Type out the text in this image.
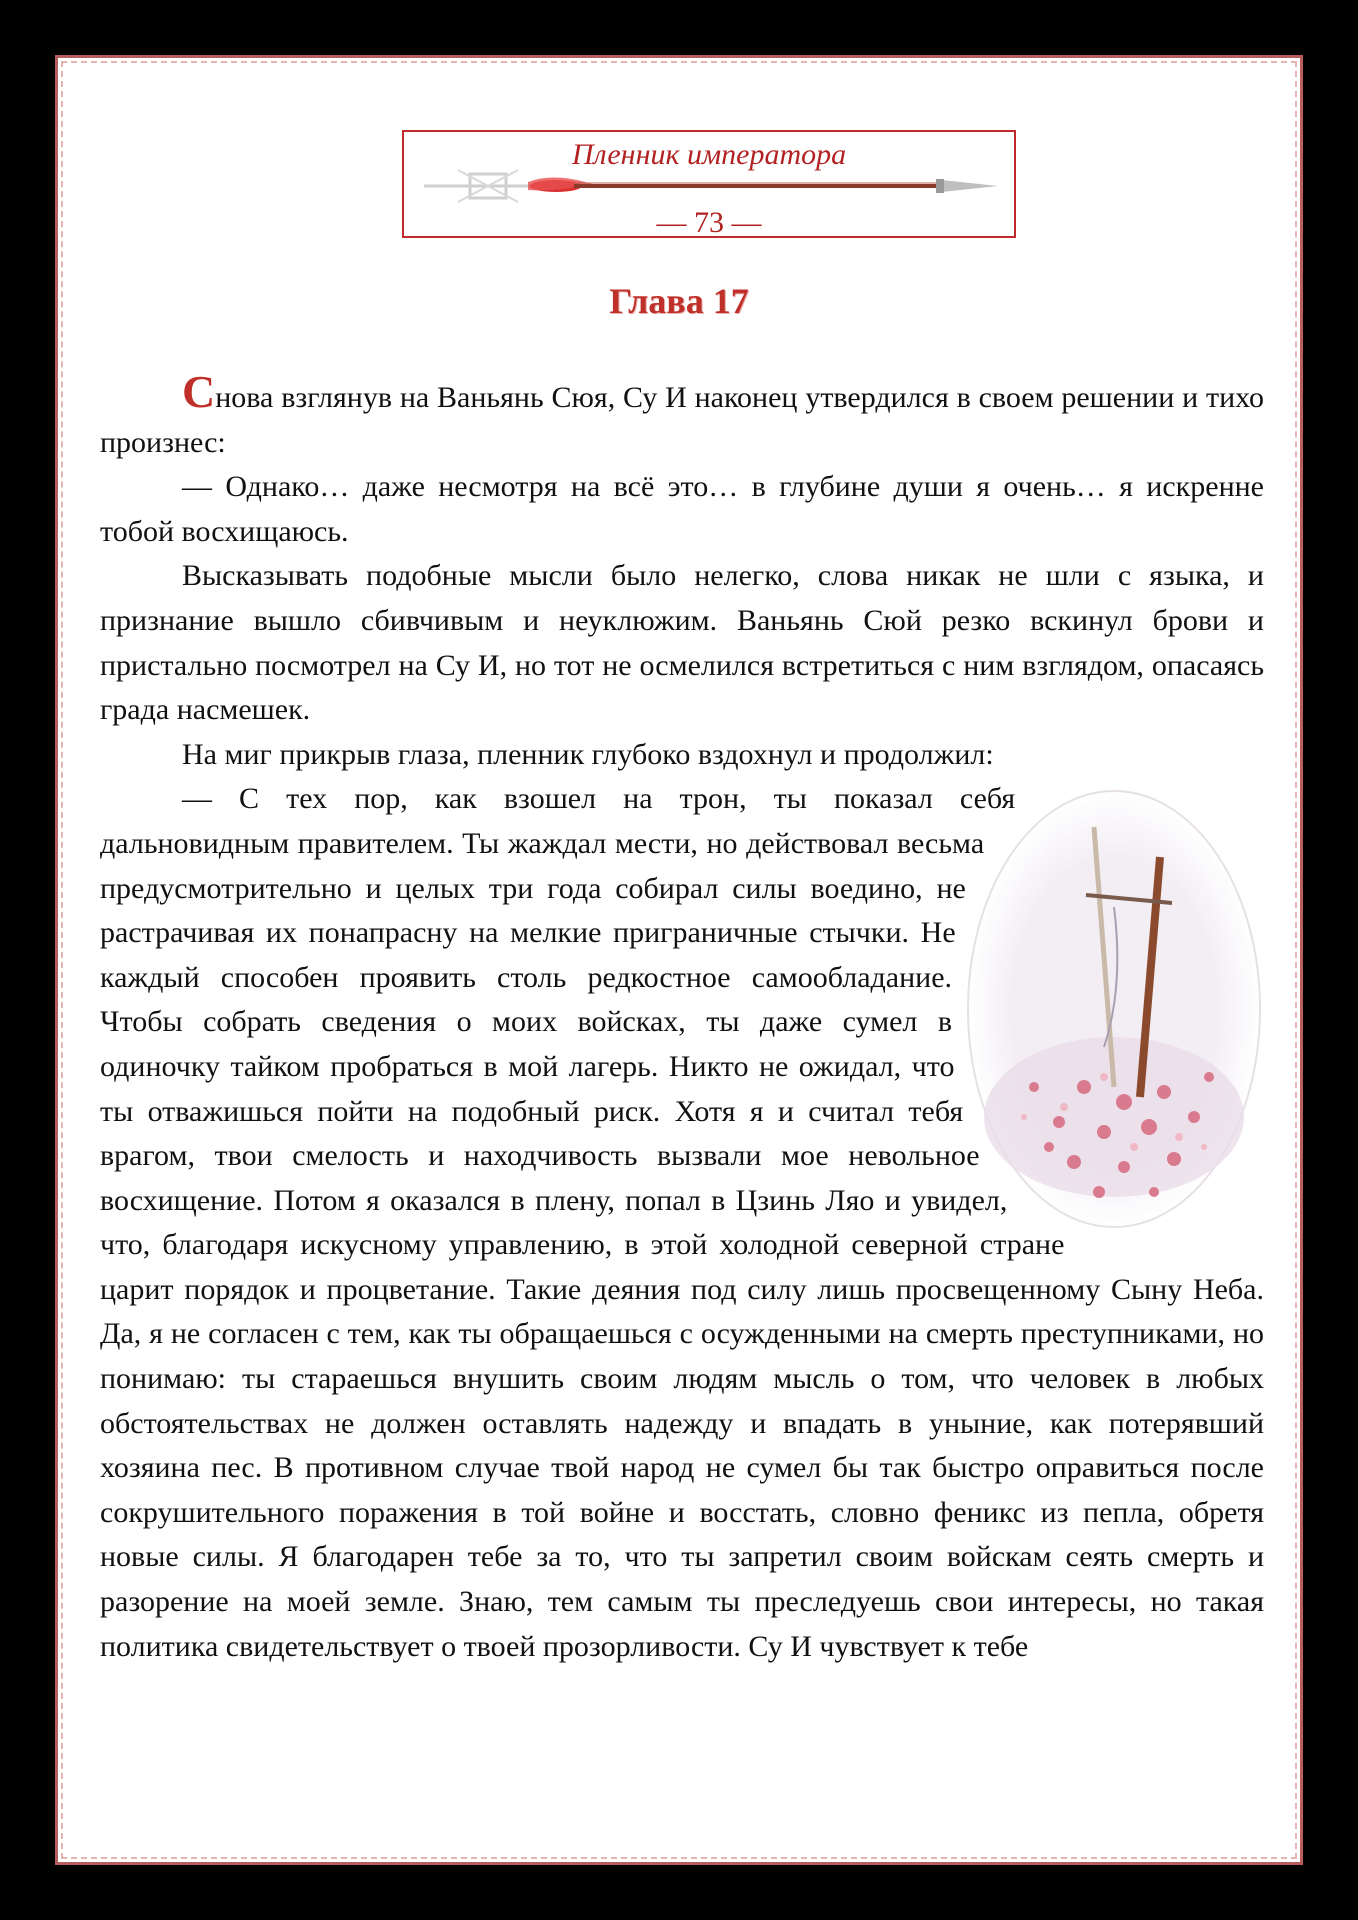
Пленник императора
— 73 —
Глава 17

Снова взглянув на Ваньянь Сюя, Су И наконец утвердился в своем решении и тихо произнес:

— Однако… даже несмотря на всё это… в глубине души я очень… я искренне тобой восхищаюсь.

Высказывать подобные мысли было нелегко, слова никак не шли с языка, и признание вышло сбивчивым и неуклюжим. Ваньянь Сюй резко вскинул брови и пристально посмотрел на Су И, но тот не осмелился встретиться с ним взглядом, опасаясь града насмешек.

На миг прикрыв глаза, пленник глубоко вздохнул и продолжил:

— С тех пор, как взошел на трон, ты показал себя дальновидным правителем. Ты жаждал мести, но действовал весьма предусмотрительно и целых три года собирал силы воедино, не растрачивая их понапрасну на мелкие приграничные стычки. Не каждый способен проявить столь редкостное самообладание. Чтобы собрать сведения о моих войсках, ты даже сумел в одиночку тайком пробраться в мой лагерь. Никто не ожидал, что ты отважишься пойти на подобный риск. Хотя я и считал тебя врагом, твои смелость и находчивость вызвали мое невольное восхищение. Потом я оказался в плену, попал в Цзинь Ляо и увидел, что, благодаря искусному управлению, в этой холодной северной стране царит порядок и процветание. Такие деяния под силу лишь просвещенному Сыну Неба. Да, я не согласен с тем, как ты обращаешься с осужденными на смерть преступниками, но понимаю: ты стараешься внушить своим людям мысль о том, что человек в любых обстоятельствах не должен оставлять надежду и впадать в уныние, как потерявший хозяина пес. В противном случае твой народ не сумел бы так быстро оправиться после сокрушительного поражения в той войне и восстать, словно феникс из пепла, обретя новые силы. Я благодарен тебе за то, что ты запретил своим войскам сеять смерть и разорение на моей земле. Знаю, тем самым ты преследуешь свои интересы, но такая политика свидетельствует о твоей прозорливости. Су И чувствует к тебе
